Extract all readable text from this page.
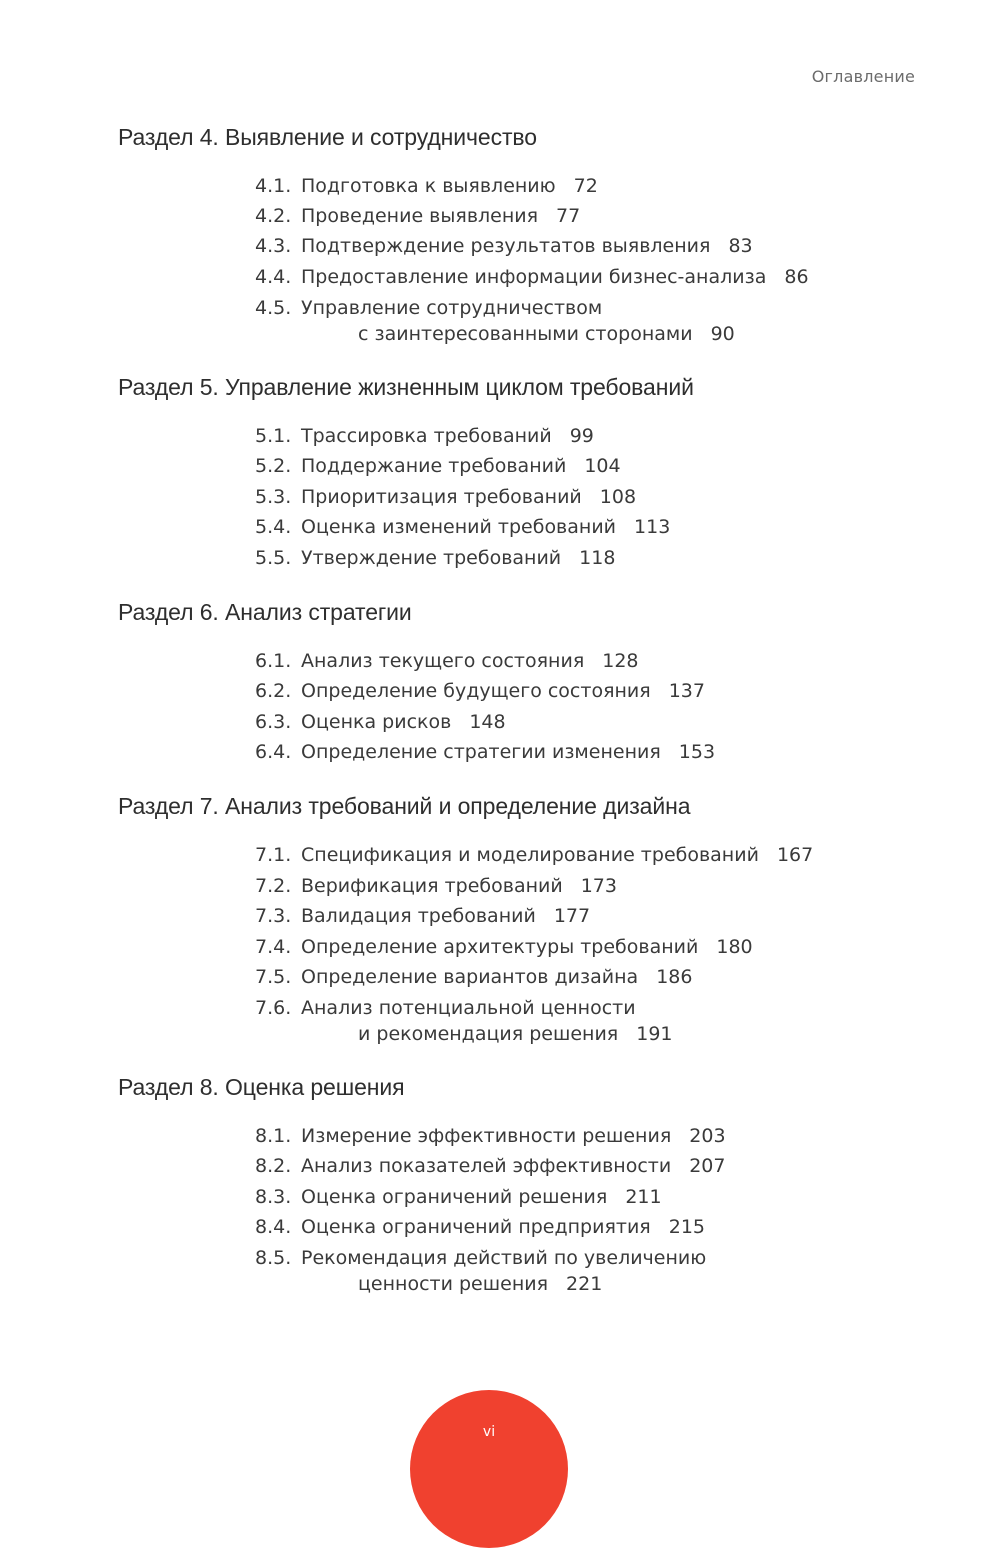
Оглавление
Раздел 4. Выявление и сотрудничество
4.1. Подготовка к выявлению 72
4.2. Проведение выявления 77
4.3. Подтверждение результатов выявления 83
4.4. Предоставление информации бизнес-анализа 86
4.5. Управление сотрудничеством
с заинтересованными сторонами 90
Раздел 5. Управление жизненным циклом требований
5.1. Трассировка требований 99
5.2. Поддержание требований 104
5.3. Приоритизация требований 108
5.4. Оценка изменений требований 113
5.5. Утверждение требований 118
Раздел 6. Анализ стратегии
6.1. Анализ текущего состояния 128
6.2. Определение будущего состояния 137
6.3. Оценка рисков 148
6.4. Определение стратегии изменения 153
Раздел 7. Анализ требований и определение дизайна
7.1. Спецификация и моделирование требований 167
7.2. Верификация требований 173
7.3. Валидация требований 177
7.4. Определение архитектуры требований 180
7.5. Определение вариантов дизайна 186
7.6. Анализ потенциальной ценности
и рекомендация решения 191
Раздел 8. Оценка решения
8.1. Измерение эффективности решения 203
8.2. Анализ показателей эффективности 207
8.3. Оценка ограничений решения 211
8.4. Оценка ограничений предприятия 215
8.5. Рекомендация действий по увеличению
ценности решения 221
vi
